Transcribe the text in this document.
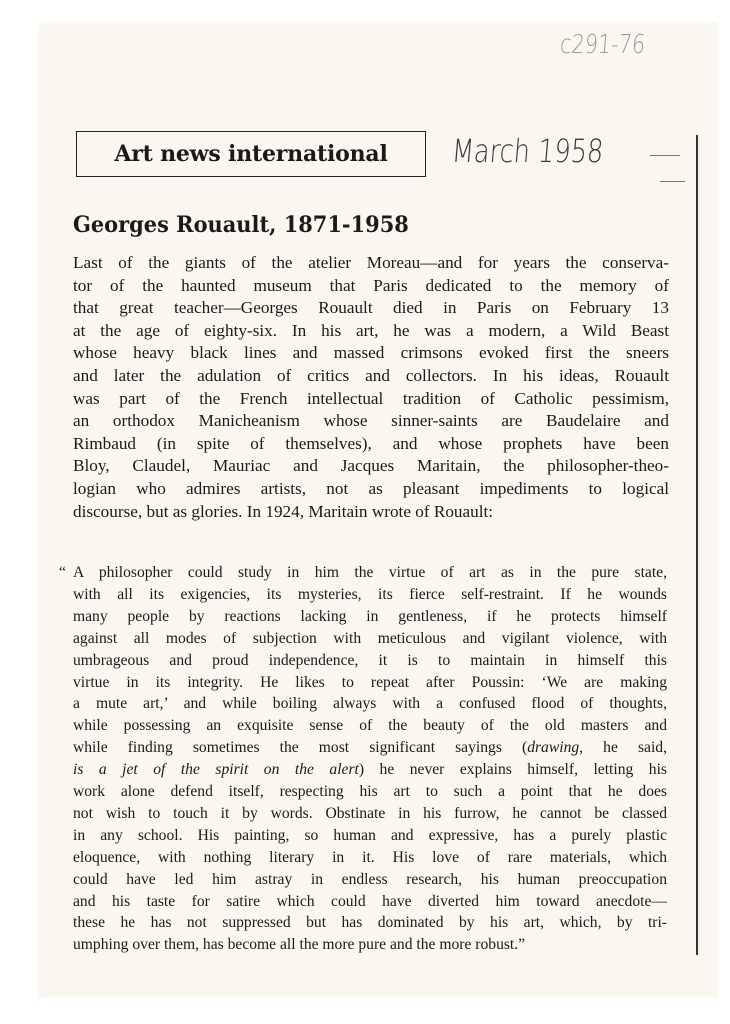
c291-76
March 1958
Art news international
Georges Rouault, 1871-1958
Last of the giants of the atelier Moreau—and for years the conserva-
tor of the haunted museum that Paris dedicated to the memory of
that great teacher—Georges Rouault died in Paris on February 13
at the age of eighty-six. In his art, he was a modern, a Wild Beast
whose heavy black lines and massed crimsons evoked first the sneers
and later the adulation of critics and collectors. In his ideas, Rouault
was part of the French intellectual tradition of Catholic pessimism,
an orthodox Manicheanism whose sinner-saints are Baudelaire and
Rimbaud (in spite of themselves), and whose prophets have been
Bloy, Claudel, Mauriac and Jacques Maritain, the philosopher-theo-
logian who admires artists, not as pleasant impediments to logical
discourse, but as glories. In 1924, Maritain wrote of Rouault:
“ A philosopher could study in him the virtue of art as in the pure state,
with all its exigencies, its mysteries, its fierce self-restraint. If he wounds
many people by reactions lacking in gentleness, if he protects himself
against all modes of subjection with meticulous and vigilant violence, with
umbrageous and proud independence, it is to maintain in himself this
virtue in its integrity. He likes to repeat after Poussin: ‘We are making
a mute art,’ and while boiling always with a confused flood of thoughts,
while possessing an exquisite sense of the beauty of the old masters and
while finding sometimes the most significant sayings (drawing, he said,
is a jet of the spirit on the alert) he never explains himself, letting his
work alone defend itself, respecting his art to such a point that he does
not wish to touch it by words. Obstinate in his furrow, he cannot be classed
in any school. His painting, so human and expressive, has a purely plastic
eloquence, with nothing literary in it. His love of rare materials, which
could have led him astray in endless research, his human preoccupation
and his taste for satire which could have diverted him toward anecdote—
these he has not suppressed but has dominated by his art, which, by tri-
umphing over them, has become all the more pure and the more robust.”
